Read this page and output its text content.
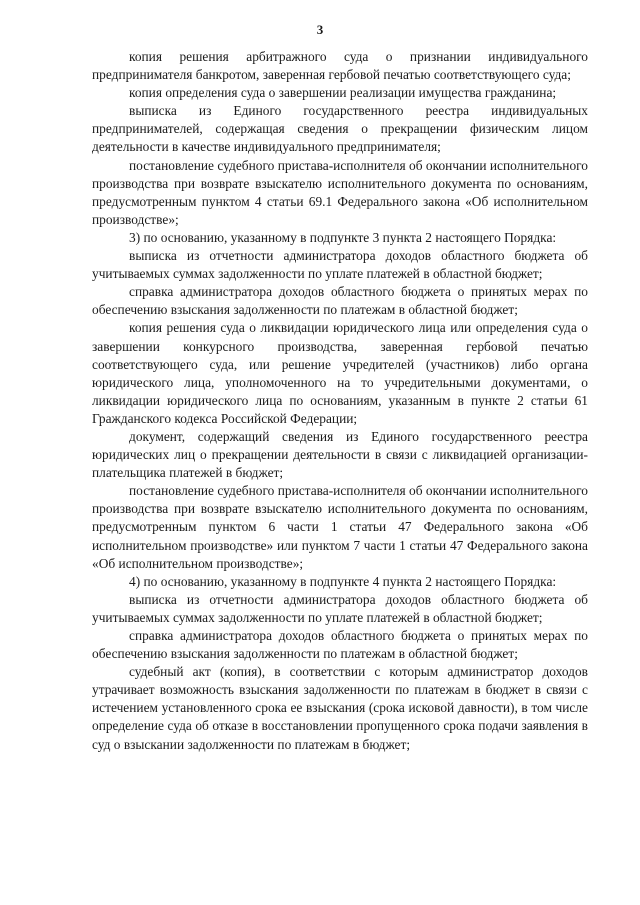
3

копия решения арбитражного суда о признании индивидуального предпринимателя банкротом, заверенная гербовой печатью соответствующего суда;

копия определения суда о завершении реализации имущества гражданина;

выписка из Единого государственного реестра индивидуальных предпринимателей, содержащая сведения о прекращении физическим лицом деятельности в качестве индивидуального предпринимателя;

постановление судебного пристава-исполнителя об окончании исполнительного производства при возврате взыскателю исполнительного документа по основаниям, предусмотренным пунктом 4 статьи 69.1 Федерального закона «Об исполнительном производстве»;

3) по основанию, указанному в подпункте 3 пункта 2 настоящего Порядка:

выписка из отчетности администратора доходов областного бюджета об учитываемых суммах задолженности по уплате платежей в областной бюджет;

справка администратора доходов областного бюджета о принятых мерах по обеспечению взыскания задолженности по платежам в областной бюджет;

копия решения суда о ликвидации юридического лица или определения суда о завершении конкурсного производства, заверенная гербовой печатью соответствующего суда, или решение учредителей (участников) либо органа юридического лица, уполномоченного на то учредительными документами, о ликвидации юридического лица по основаниям, указанным в пункте 2 статьи 61 Гражданского кодекса Российской Федерации;

документ, содержащий сведения из Единого государственного реестра юридических лиц о прекращении деятельности в связи с ликвидацией организации-плательщика платежей в бюджет;

постановление судебного пристава-исполнителя об окончании исполнительного производства при возврате взыскателю исполнительного документа по основаниям, предусмотренным пунктом 6 части 1 статьи 47 Федерального закона «Об исполнительном производстве» или пунктом 7 части 1 статьи 47 Федерального закона «Об исполнительном производстве»;

4) по основанию, указанному в подпункте 4 пункта 2 настоящего Порядка:

выписка из отчетности администратора доходов областного бюджета об учитываемых суммах задолженности по уплате платежей в областной бюджет;

справка администратора доходов областного бюджета о принятых мерах по обеспечению взыскания задолженности по платежам в областной бюджет;

судебный акт (копия), в соответствии с которым администратор доходов утрачивает возможность взыскания задолженности по платежам в бюджет в связи с истечением установленного срока ее взыскания (срока исковой давности), в том числе определение суда об отказе в восстановлении пропущенного срока подачи заявления в суд о взыскании задолженности по платежам в бюджет;
